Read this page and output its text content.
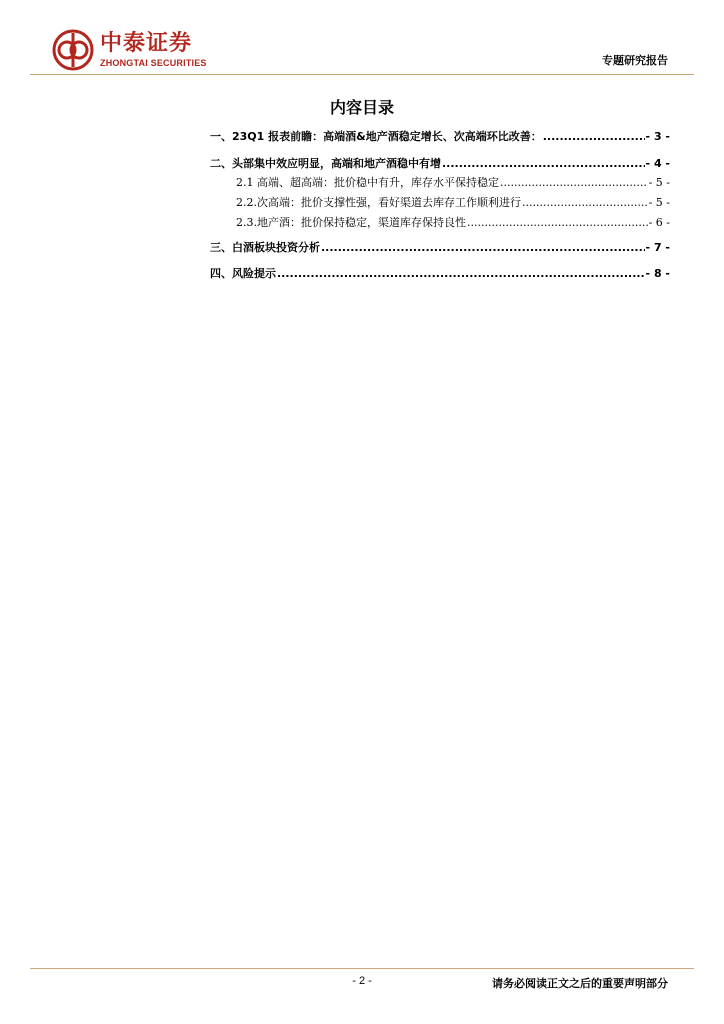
中泰证券
ZHONGTAI SECURITIES	专题研究报告
内容目录
一、23Q1 报表前瞻：高端酒&地产酒稳定增长、次高端环比改善： .....	- 3 -
二、头部集中效应明显，高端和地产酒稳中有增 .....	- 4 -
2.1 高端、超高端：批价稳中有升，库存水平保持稳定 .....	- 5 -
2.2.次高端：批价支撑性强，看好渠道去库存工作顺利进行 .....	- 5 -
2.3.地产酒：批价保持稳定，渠道库存保持良性 .....	- 6 -
三、白酒板块投资分析 .....	- 7 -
四、风险提示 .....	- 8 -
- 2 -	请务必阅读正文之后的重要声明部分
